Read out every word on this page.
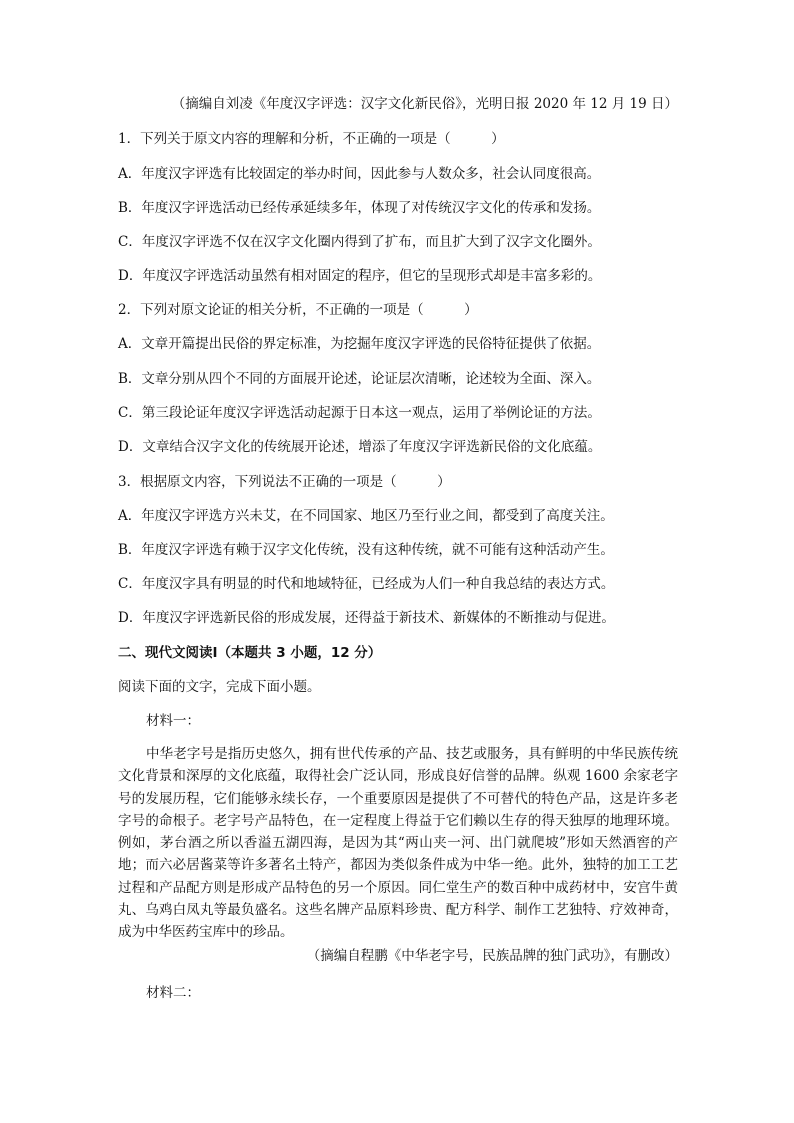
（摘编自刘凌《年度汉字评选：汉字文化新民俗》，光明日报 2020 年 12 月 19 日）
1．下列关于原文内容的理解和分析，不正确的一项是（　　　）
A．年度汉字评选有比较固定的举办时间，因此参与人数众多，社会认同度很高。
B．年度汉字评选活动已经传承延续多年，体现了对传统汉字文化的传承和发扬。
C．年度汉字评选不仅在汉字文化圈内得到了扩布，而且扩大到了汉字文化圈外。
D．年度汉字评选活动虽然有相对固定的程序，但它的呈现形式却是丰富多彩的。
2．下列对原文论证的相关分析，不正确的一项是（　　　）
A．文章开篇提出民俗的界定标准，为挖掘年度汉字评选的民俗特征提供了依据。
B．文章分别从四个不同的方面展开论述，论证层次清晰，论述较为全面、深入。
C．第三段论证年度汉字评选活动起源于日本这一观点，运用了举例论证的方法。
D．文章结合汉字文化的传统展开论述，增添了年度汉字评选新民俗的文化底蕴。
3．根据原文内容，下列说法不正确的一项是（　　　）
A．年度汉字评选方兴未艾，在不同国家、地区乃至行业之间，都受到了高度关注。
B．年度汉字评选有赖于汉字文化传统，没有这种传统，就不可能有这种活动产生。
C．年度汉字具有明显的时代和地域特征，已经成为人们一种自我总结的表达方式。
D．年度汉字评选新民俗的形成发展，还得益于新技术、新媒体的不断推动与促进。
二、现代文阅读Ⅰ（本题共 3 小题，12 分）
阅读下面的文字，完成下面小题。
材料一：
中华老字号是指历史悠久，拥有世代传承的产品、技艺或服务，具有鲜明的中华民族传统文化背景和深厚的文化底蕴，取得社会广泛认同，形成良好信誉的品牌。纵观 1600 余家老字号的发展历程，它们能够永续长存，一个重要原因是提供了不可替代的特色产品，这是许多老字号的命根子。老字号产品特色，在一定程度上得益于它们赖以生存的得天独厚的地理环境。例如，茅台酒之所以香溢五湖四海，是因为其“两山夹一河、出门就爬坡”形如天然酒窖的产地；而六必居酱菜等许多著名土特产，都因为类似条件成为中华一绝。此外，独特的加工工艺过程和产品配方则是形成产品特色的另一个原因。同仁堂生产的数百种中成药材中，安宫牛黄丸、乌鸡白凤丸等最负盛名。这些名牌产品原料珍贵、配方科学、制作工艺独特、疗效神奇，成为中华医药宝库中的珍品。
（摘编自程鹏《中华老字号，民族品牌的独门武功》，有删改）
材料二：
